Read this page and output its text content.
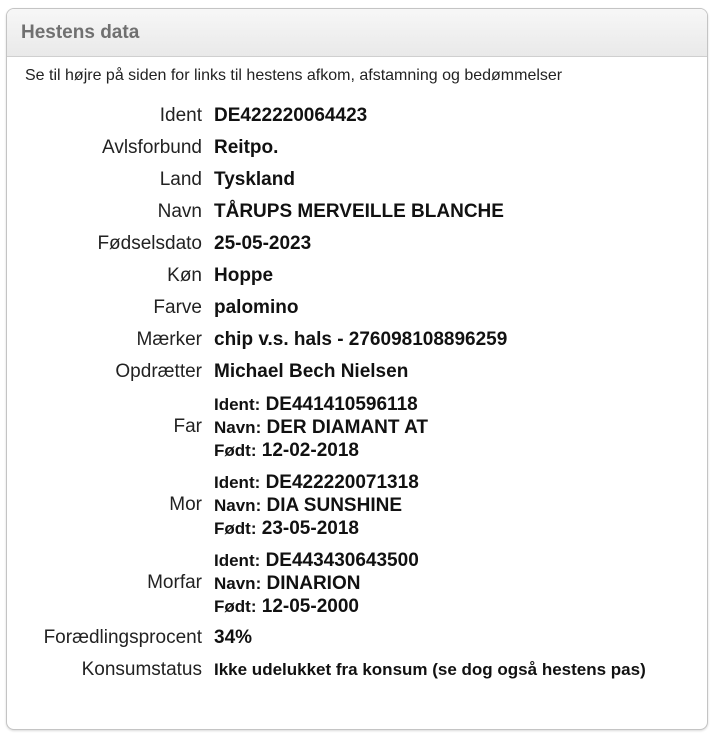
Hestens data
Se til højre på siden for links til hestens afkom, afstamning og bedømmelser
Ident DE422220064423
Avlsforbund Reitpo.
Land Tyskland
Navn TÅRUPS MERVEILLE BLANCHE
Fødselsdato 25-05-2023
Køn Hoppe
Farve palomino
Mærker chip v.s. hals - 276098108896259
Opdrætter Michael Bech Nielsen
Far
Ident: DE441410596118
Navn: DER DIAMANT AT
Født: 12-02-2018
Mor
Ident: DE422220071318
Navn: DIA SUNSHINE
Født: 23-05-2018
Morfar
Ident: DE443430643500
Navn: DINARION
Født: 12-05-2000
Forædlingsprocent 34%
Konsumstatus Ikke udelukket fra konsum (se dog også hestens pas)
